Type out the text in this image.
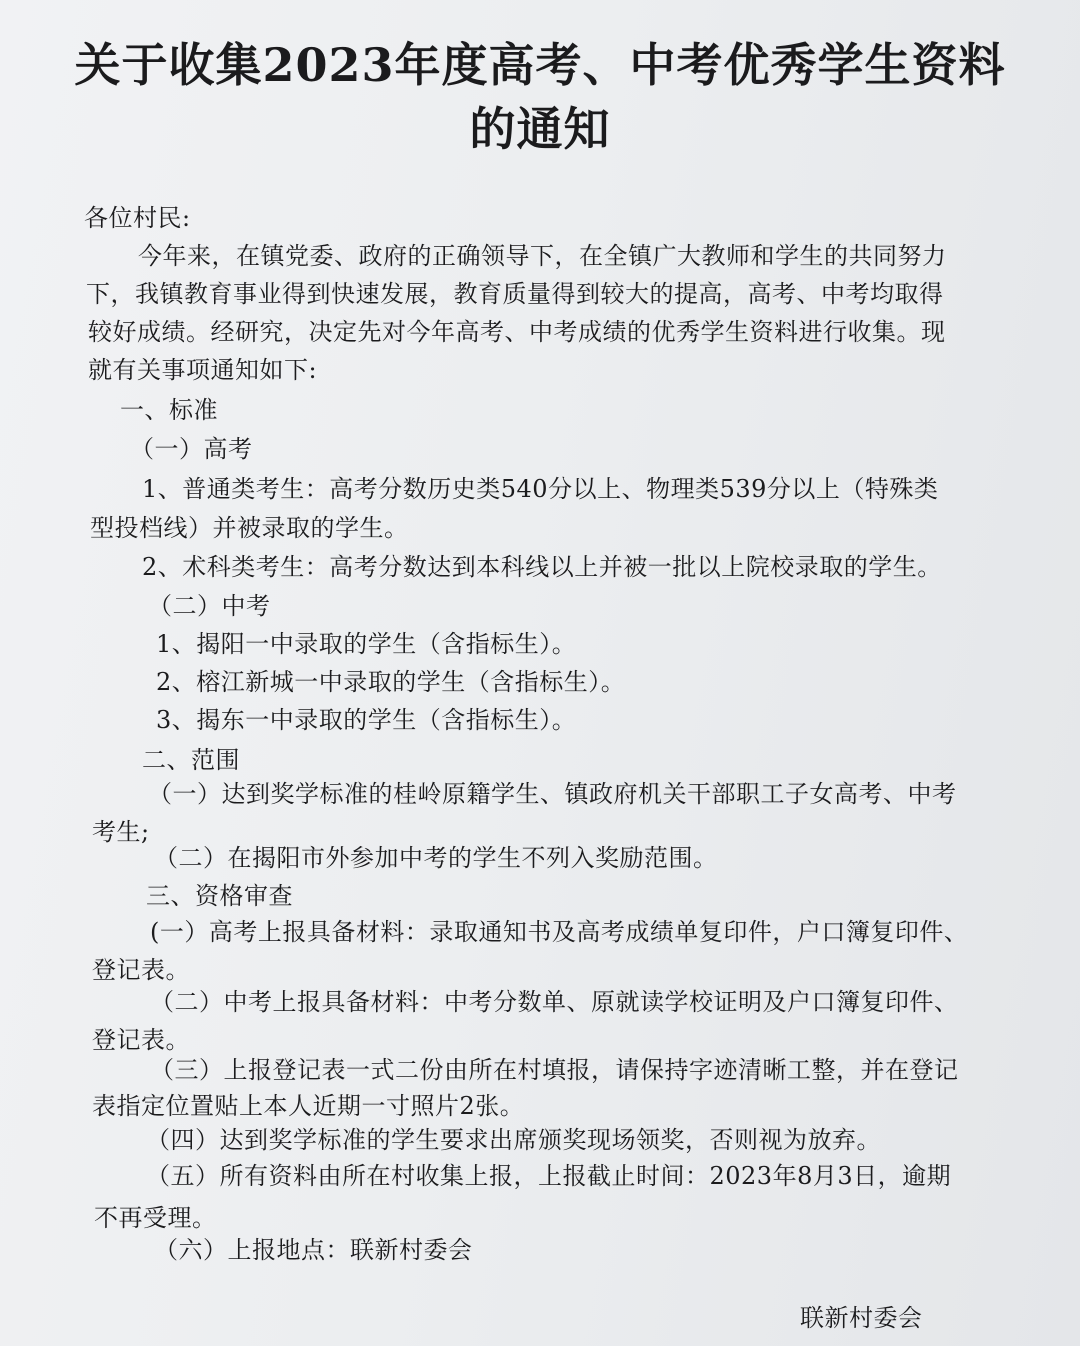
关于收集2023年度高考、中考优秀学生资料
的通知

各位村民:

今年来，在镇党委、政府的正确领导下，在全镇广大教师和学生的共同努力

下，我镇教育事业得到快速发展，教育质量得到较大的提高，高考、中考均取得

较好成绩。经研究，决定先对今年高考、中考成绩的优秀学生资料进行收集。现

就有关事项通知如下:

一、标准

（一）高考

1、普通类考生：高考分数历史类540分以上、物理类539分以上（特殊类

型投档线）并被录取的学生。

2、术科类考生：高考分数达到本科线以上并被一批以上院校录取的学生。

（二）中考

1、揭阳一中录取的学生（含指标生）。

2、榕江新城一中录取的学生（含指标生）。

3、揭东一中录取的学生（含指标生）。

二、范围

（一）达到奖学标准的桂岭原籍学生、镇政府机关干部职工子女高考、中考

考生;

（二）在揭阳市外参加中考的学生不列入奖励范围。

三、资格审查

(一）高考上报具备材料：录取通知书及高考成绩单复印件，户口簿复印件、

登记表。

（二）中考上报具备材料：中考分数单、原就读学校证明及户口簿复印件、

登记表。

（三）上报登记表一式二份由所在村填报，请保持字迹清晰工整，并在登记

表指定位置贴上本人近期一寸照片2张。

（四）达到奖学标准的学生要求出席颁奖现场领奖，否则视为放弃。

（五）所有资料由所在村收集上报，上报截止时间：2023年8月3日，逾期

不再受理。

（六）上报地点：联新村委会

联新村委会
